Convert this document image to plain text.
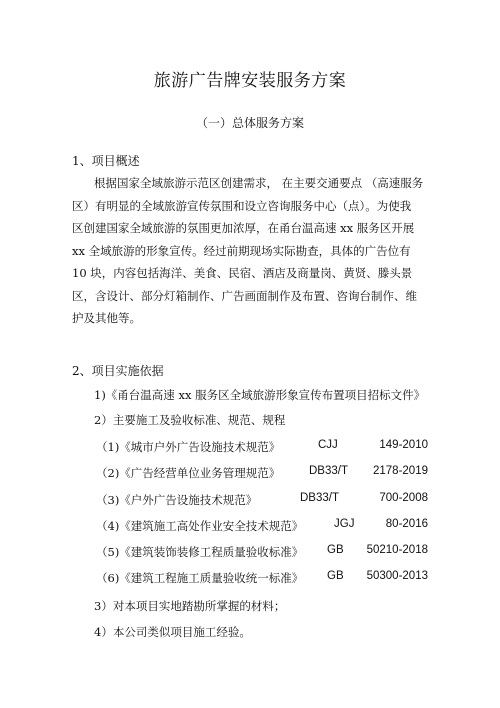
旅游广告牌安装服务方案
（一）总体服务方案
1、项目概述
根据国家全域旅游示范区创建需求， 在主要交通要点 （高速服务
区）有明显的全域旅游宣传氛围和设立咨询服务中心（点）。为使我
区创建国家全域旅游的氛围更加浓厚，在甬台温高速 xx 服务区开展
xx 全域旅游的形象宣传。经过前期现场实际勘查，具体的广告位有
10 块，内容包括海洋、美食、民宿、酒店及商量岗、黄贤、滕头景
区，含设计、部分灯箱制作、广告画面制作及布置、咨询台制作、维
护及其他等。
2、项目实施依据
1)《甬台温高速 xx 服务区全域旅游形象宣传布置项目招标文件》
2）主要施工及验收标准、规范、规程
（1)《城市户外广告设施技术规范》	CJJ	149-2010
（2)《广告经营单位业务管理规范》 DB33/T	2178-2019
（3)《户外广告设施技术规范》	DB33/T	700-2008
（4)《建筑施工高处作业安全技术规范》	JGJ	80-2016
（5)《建筑装饰装修工程质量验收标准》 GB	50210-2018
（6)《建筑工程施工质量验收统一标准》 GB	50300-2013
3）对本项目实地踏勘所掌握的材料；
4）本公司类似项目施工经验。
